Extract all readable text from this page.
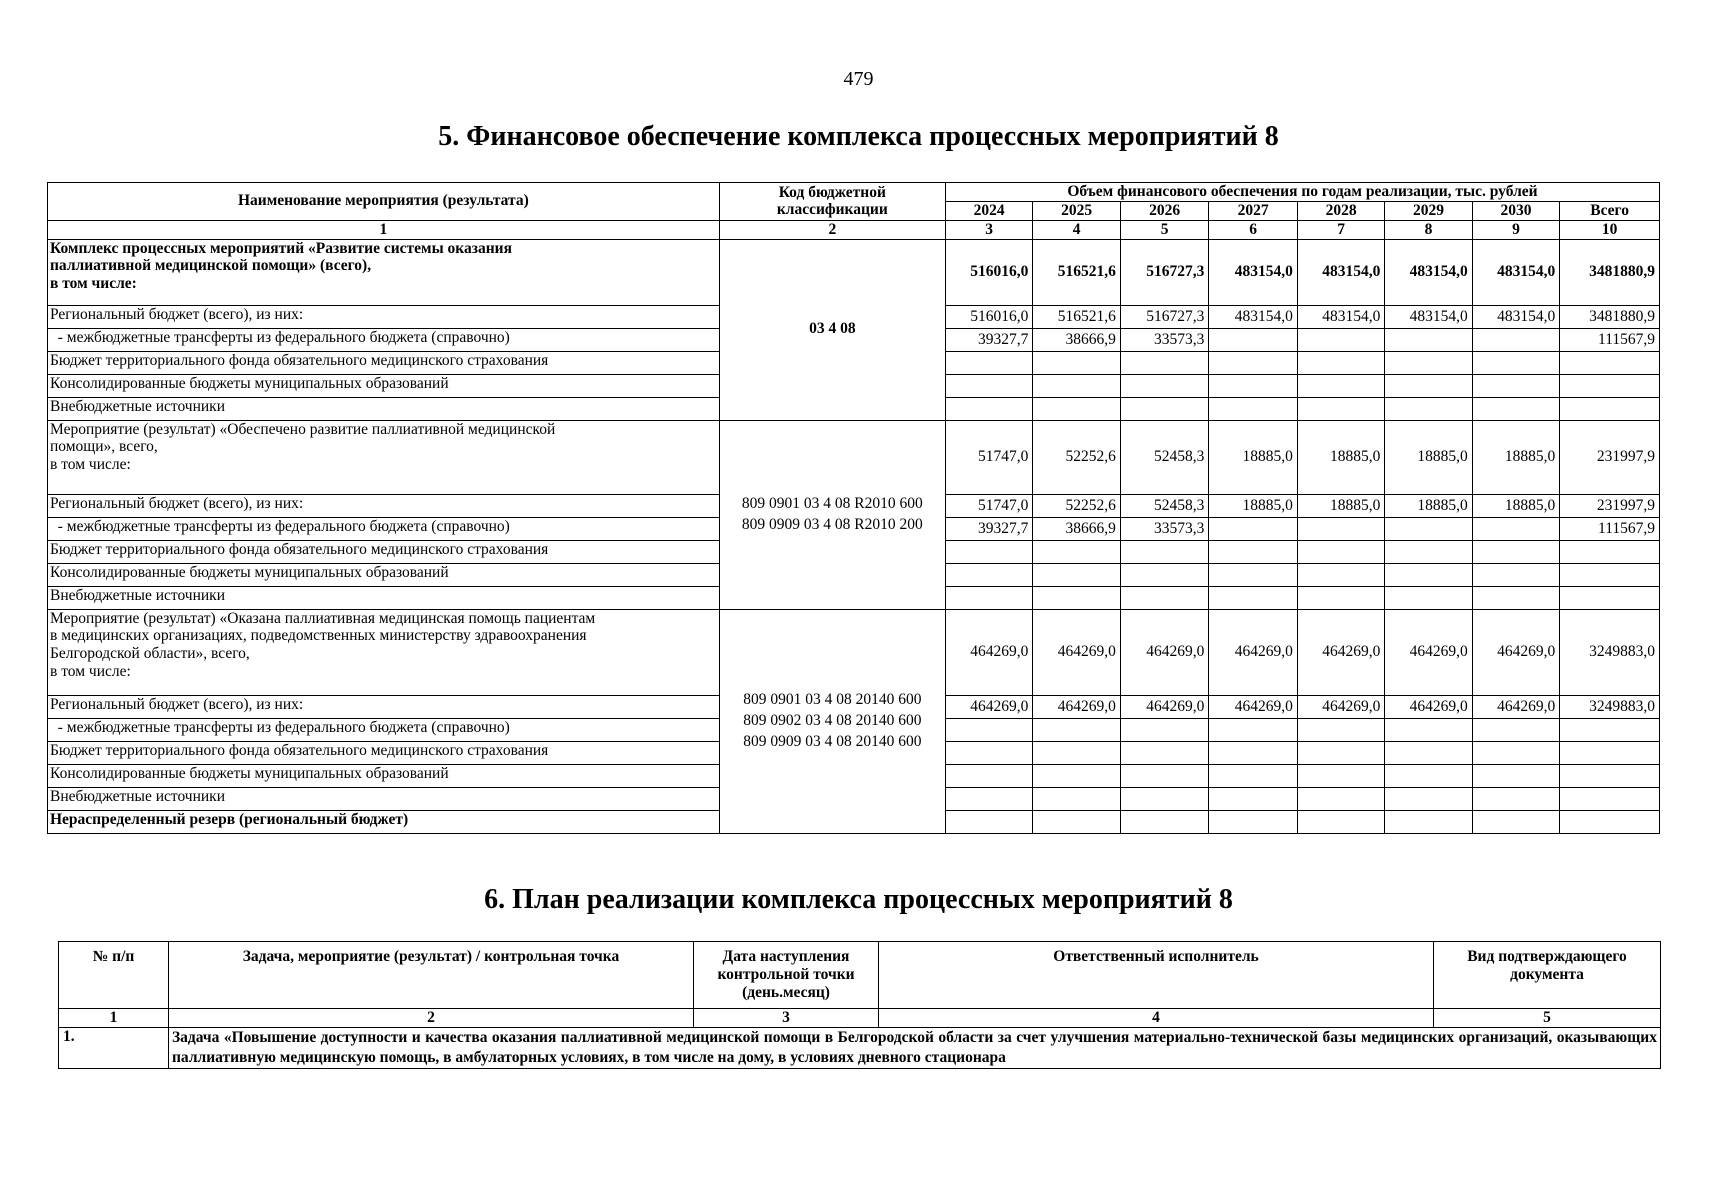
479
5. Финансовое обеспечение комплекса процессных мероприятий 8
Наименование мероприятия (результата)	Код бюджетной классификации	Объем финансового обеспечения по годам реализации, тыс. рублей							
		2024	2025	2026	2027	2028	2029	2030	Всего
1	2	3	4	5	6	7	8	9	10
Комплекс процессных мероприятий «Развитие системы оказания
паллиативной медицинской помощи» (всего),
в том числе:	03 4 08	516016,0	516521,6	516727,3	483154,0	483154,0	483154,0	483154,0	3481880,9
Региональный бюджет (всего), из них:		516016,0	516521,6	516727,3	483154,0	483154,0	483154,0	483154,0	3481880,9
- межбюджетные трансферты из федерального бюджета (справочно)		39327,7	38666,9	33573,3					111567,9
Бюджет территориального фонда обязательного медицинского страхования									
Консолидированные бюджеты муниципальных образований									
Внебюджетные источники									
Мероприятие (результат) «Обеспечено развитие паллиативной медицинской
помощи», всего,
в том числе:	809 0901 03 4 08 R2010 600
809 0909 03 4 08 R2010 200	51747,0	52252,6	52458,3	18885,0	18885,0	18885,0	18885,0	231997,9
Региональный бюджет (всего), из них:		51747,0	52252,6	52458,3	18885,0	18885,0	18885,0	18885,0	231997,9
- межбюджетные трансферты из федерального бюджета (справочно)		39327,7	38666,9	33573,3					111567,9
Бюджет территориального фонда обязательного медицинского страхования									
Консолидированные бюджеты муниципальных образований									
Внебюджетные источники									
Мероприятие (результат) «Оказана паллиативная медицинская помощь пациентам
в медицинских организациях, подведомственных министерству здравоохранения
Белгородской области», всего,
в том числе:	809 0901 03 4 08 20140 600
809 0902 03 4 08 20140 600
809 0909 03 4 08 20140 600	464269,0	464269,0	464269,0	464269,0	464269,0	464269,0	464269,0	3249883,0
Региональный бюджет (всего), из них:		464269,0	464269,0	464269,0	464269,0	464269,0	464269,0	464269,0	3249883,0
- межбюджетные трансферты из федерального бюджета (справочно)									
Бюджет территориального фонда обязательного медицинского страхования									
Консолидированные бюджеты муниципальных образований									
Внебюджетные источники									
Нераспределенный резерв (региональный бюджет)									
6. План реализации комплекса процессных мероприятий 8
№ п/п	Задача, мероприятие (результат) / контрольная точка	Дата наступления контрольной точки (день.месяц)	Ответственный исполнитель	Вид подтверждающего документа
1	2	3	4	5
1.	Задача «Повышение доступности и качества оказания паллиативной медицинской помощи в Белгородской области за счет улучшения материально-технической базы медицинских организаций, оказывающих паллиативную медицинскую помощь, в амбулаторных условиях, в том числе на дому, в условиях дневного стационара			
